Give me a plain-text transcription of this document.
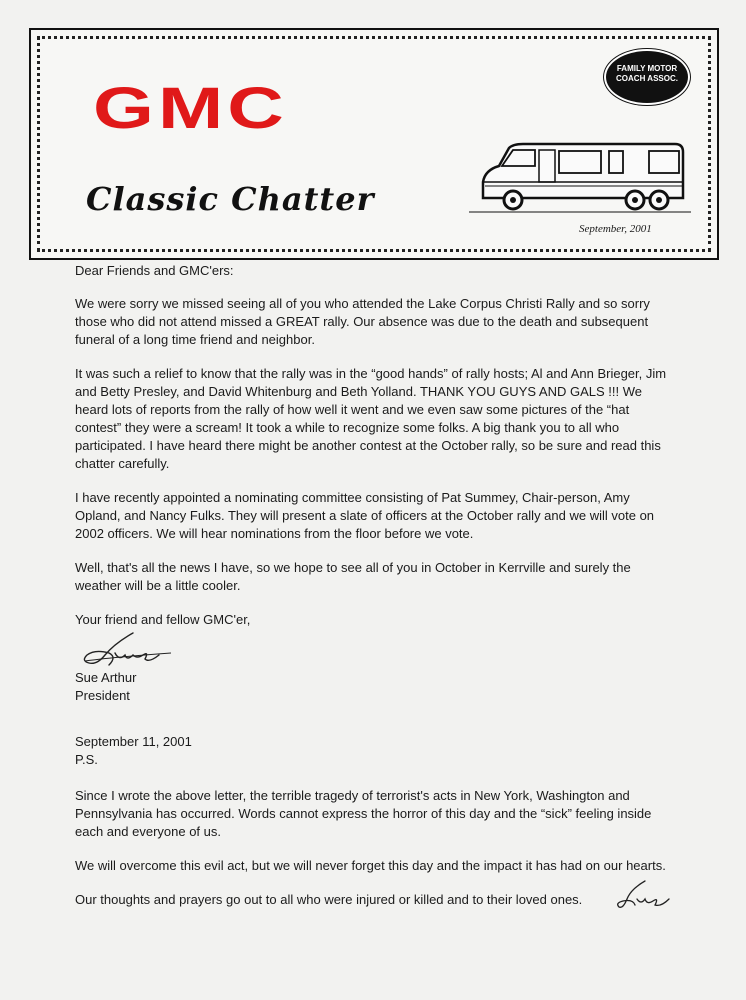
GMC
Classic Chatter
FAMILY MOTOR COACH ASSOC.
September, 2001

Dear Friends and GMC'ers:

We were sorry we missed seeing all of you who attended the Lake Corpus Christi Rally and so sorry those who did not attend missed a GREAT rally. Our absence was due to the death and subsequent funeral of a long time friend and neighbor.

It was such a relief to know that the rally was in the “good hands” of rally hosts; Al and Ann Brieger, Jim and Betty Presley, and David Whitenburg and Beth Yolland. THANK YOU GUYS AND GALS !!! We heard lots of reports from the rally of how well it went and we even saw some pictures of the “hat contest” they were a scream! It took a while to recognize some folks. A big thank you to all who participated. I have heard there might be another contest at the October rally, so be sure and read this chatter carefully.

I have recently appointed a nominating committee consisting of Pat Summey, Chair-person, Amy Opland, and Nancy Fulks. They will present a slate of officers at the October rally and we will vote on 2002 officers. We will hear nominations from the floor before we vote.

Well, that's all the news I have, so we hope to see all of you in October in Kerrville and surely the weather will be a little cooler.

Your friend and fellow GMC'er,

Sue Arthur
President
September 11, 2001
P.S.

Since I wrote the above letter, the terrible tragedy of terrorist's acts in New York, Washington and Pennsylvania has occurred. Words cannot express the horror of this day and the “sick” feeling inside each and everyone of us.

We will overcome this evil act, but we will never forget this day and the impact it has had on our hearts.

Our thoughts and prayers go out to all who were injured or killed and to their loved ones.
